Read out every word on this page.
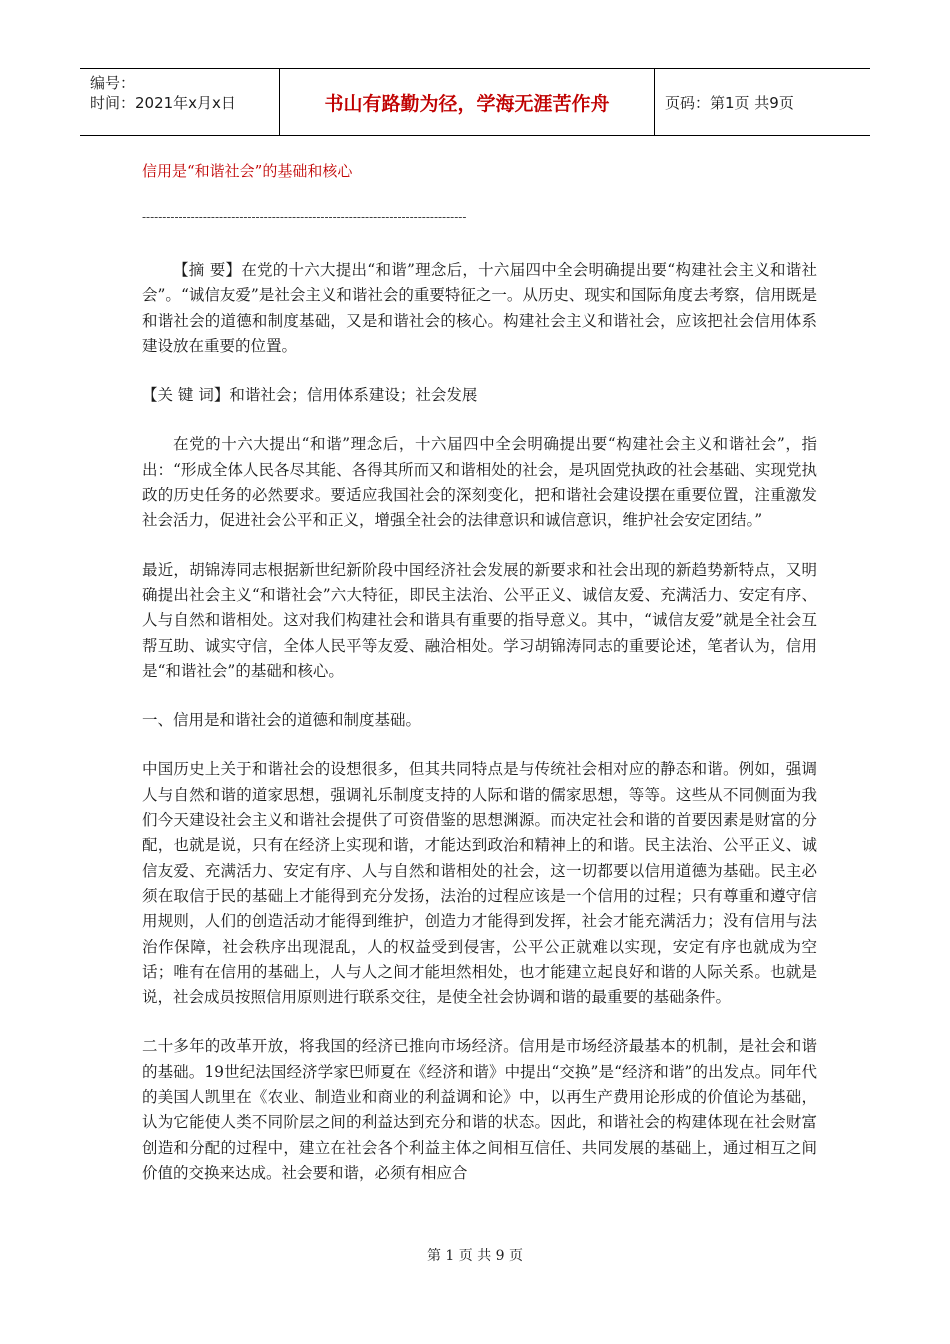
编号：
时间：2021年x月x日	书山有路勤为径，学海无涯苦作舟	页码：第1页 共9页
信用是“和谐社会”的基础和核心
--------------------------------------------------------------------------------

【摘 要】在党的十六大提出“和谐”理念后，十六届四中全会明确提出要“构建社会主义和谐社会”。“诚信友爱”是社会主义和谐社会的重要特征之一。从历史、现实和国际角度去考察，信用既是和谐社会的道德和制度基础，又是和谐社会的核心。构建社会主义和谐社会，应该把社会信用体系建设放在重要的位置。

【关 键 词】和谐社会；信用体系建设；社会发展

在党的十六大提出“和谐”理念后，十六届四中全会明确提出要“构建社会主义和谐社会”，指出：“形成全体人民各尽其能、各得其所而又和谐相处的社会，是巩固党执政的社会基础、实现党执政的历史任务的必然要求。要适应我国社会的深刻变化，把和谐社会建设摆在重要位置，注重激发社会活力，促进社会公平和正义，增强全社会的法律意识和诚信意识，维护社会安定团结。”

最近，胡锦涛同志根据新世纪新阶段中国经济社会发展的新要求和社会出现的新趋势新特点，又明确提出社会主义“和谐社会”六大特征，即民主法治、公平正义、诚信友爱、充满活力、安定有序、人与自然和谐相处。这对我们构建社会和谐具有重要的指导意义。其中，“诚信友爱”就是全社会互帮互助、诚实守信，全体人民平等友爱、融洽相处。学习胡锦涛同志的重要论述，笔者认为，信用是“和谐社会”的基础和核心。

一、信用是和谐社会的道德和制度基础。

中国历史上关于和谐社会的设想很多，但其共同特点是与传统社会相对应的静态和谐。例如，强调人与自然和谐的道家思想，强调礼乐制度支持的人际和谐的儒家思想，等等。这些从不同侧面为我们今天建设社会主义和谐社会提供了可资借鉴的思想渊源。而决定社会和谐的首要因素是财富的分配，也就是说，只有在经济上实现和谐，才能达到政治和精神上的和谐。民主法治、公平正义、诚信友爱、充满活力、安定有序、人与自然和谐相处的社会，这一切都要以信用道德为基础。民主必须在取信于民的基础上才能得到充分发扬，法治的过程应该是一个信用的过程；只有尊重和遵守信用规则，人们的创造活动才能得到维护，创造力才能得到发挥，社会才能充满活力；没有信用与法治作保障，社会秩序出现混乱，人的权益受到侵害，公平公正就难以实现，安定有序也就成为空话；唯有在信用的基础上，人与人之间才能坦然相处，也才能建立起良好和谐的人际关系。也就是说，社会成员按照信用原则进行联系交往，是使全社会协调和谐的最重要的基础条件。

二十多年的改革开放，将我国的经济已推向市场经济。信用是市场经济最基本的机制，是社会和谐的基础。19世纪法国经济学家巴师夏在《经济和谐》中提出“交换”是“经济和谐”的出发点。同年代的美国人凯里在《农业、制造业和商业的利益调和论》中，以再生产费用论形成的价值论为基础，认为它能使人类不同阶层之间的利益达到充分和谐的状态。因此，和谐社会的构建体现在社会财富创造和分配的过程中，建立在社会各个利益主体之间相互信任、共同发展的基础上，通过相互之间价值的交换来达成。社会要和谐，必须有相应合

第 1 页 共 9 页
